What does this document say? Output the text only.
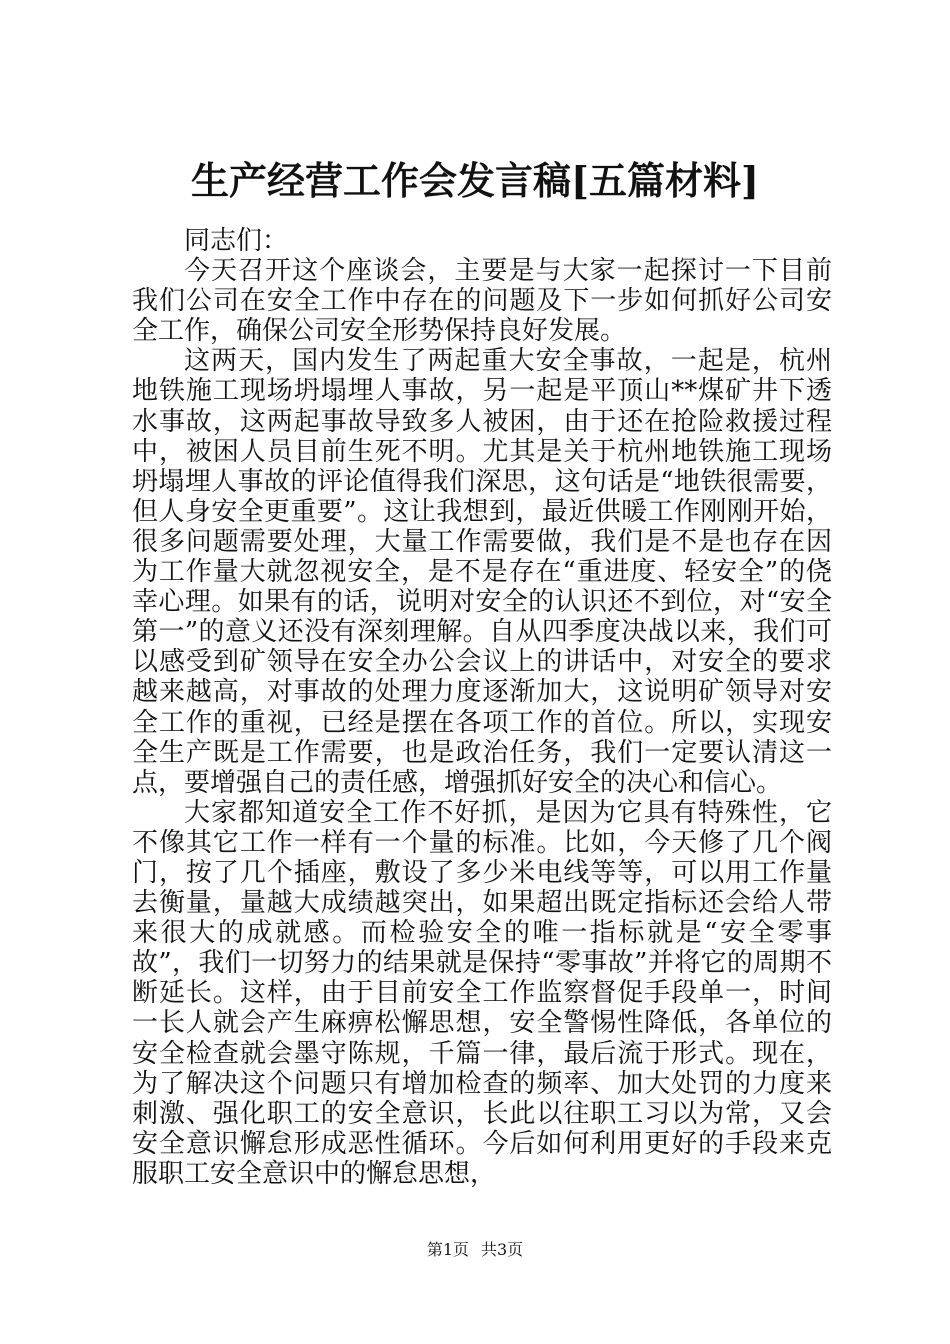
生产经营工作会发言稿[五篇材料]

同志们：

今天召开这个座谈会，主要是与大家一起探讨一下目前我们公司在安全工作中存在的问题及下一步如何抓好公司安全工作，确保公司安全形势保持良好发展。

这两天，国内发生了两起重大安全事故，一起是，杭州地铁施工现场坍塌埋人事故，另一起是平顶山**煤矿井下透水事故，这两起事故导致多人被困，由于还在抢险救援过程中，被困人员目前生死不明。尤其是关于杭州地铁施工现场坍塌埋人事故的评论值得我们深思，这句话是“地铁很需要，但人身安全更重要”。这让我想到，最近供暖工作刚刚开始，很多问题需要处理，大量工作需要做，我们是不是也存在因为工作量大就忽视安全，是不是存在“重进度、轻安全”的侥幸心理。如果有的话，说明对安全的认识还不到位，对“安全第一”的意义还没有深刻理解。自从四季度决战以来，我们可以感受到矿领导在安全办公会议上的讲话中，对安全的要求越来越高，对事故的处理力度逐渐加大，这说明矿领导对安全工作的重视，已经是摆在各项工作的首位。所以，实现安全生产既是工作需要，也是政治任务，我们一定要认清这一点，要增强自己的责任感，增强抓好安全的决心和信心。

大家都知道安全工作不好抓，是因为它具有特殊性，它不像其它工作一样有一个量的标准。比如，今天修了几个阀门，按了几个插座，敷设了多少米电线等等，可以用工作量去衡量，量越大成绩越突出，如果超出既定指标还会给人带来很大的成就感。而检验安全的唯一指标就是“安全零事故”，我们一切努力的结果就是保持“零事故”并将它的周期不断延长。这样，由于目前安全工作监察督促手段单一，时间一长人就会产生麻痹松懈思想，安全警惕性降低，各单位的安全检查就会墨守陈规，千篇一律，最后流于形式。现在，为了解决这个问题只有增加检查的频率、加大处罚的力度来刺激、强化职工的安全意识，长此以往职工习以为常，又会安全意识懈怠形成恶性循环。今后如何利用更好的手段来克服职工安全意识中的懈怠思想，

第1页 共3页
